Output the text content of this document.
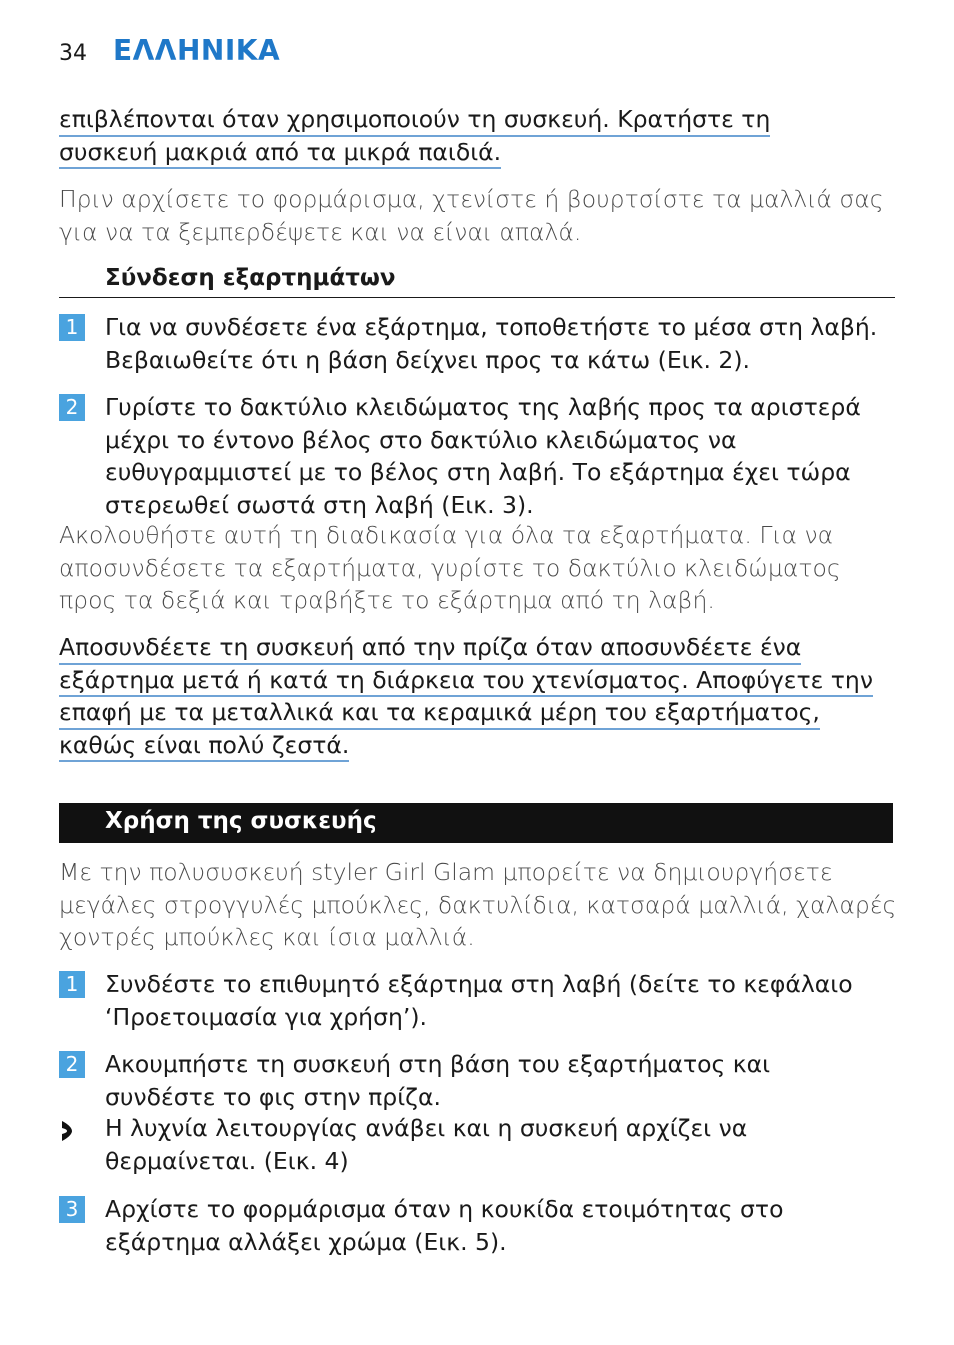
34 ΕΛΛΗΝΙΚΑ
επιβλέπονται όταν χρησιμοποιούν τη συσκευή. Κρατήστε τη
συσκευή μακριά από τα μικρά παιδιά.
Πριν αρχίσετε το φορμάρισμα, χτενίστε ή βουρτσίστε τα μαλλιά σας
για να τα ξεμπερδέψετε και να είναι απαλά.
Σύνδεση εξαρτημάτων
1 Για να συνδέσετε ένα εξάρτημα, τοποθετήστε το μέσα στη λαβή.
Βεβαιωθείτε ότι η βάση δείχνει προς τα κάτω (Εικ. 2).
2 Γυρίστε το δακτύλιο κλειδώματος της λαβής προς τα αριστερά
μέχρι το έντονο βέλος στο δακτύλιο κλειδώματος να
ευθυγραμμιστεί με το βέλος στη λαβή. Το εξάρτημα έχει τώρα
στερεωθεί σωστά στη λαβή (Εικ. 3).
Ακολουθήστε αυτή τη διαδικασία για όλα τα εξαρτήματα. Για να
αποσυνδέσετε τα εξαρτήματα, γυρίστε το δακτύλιο κλειδώματος
προς τα δεξιά και τραβήξτε το εξάρτημα από τη λαβή.
Αποσυνδέετε τη συσκευή από την πρίζα όταν αποσυνδέετε ένα
εξάρτημα μετά ή κατά τη διάρκεια του χτενίσματος. Αποφύγετε την
επαφή με τα μεταλλικά και τα κεραμικά μέρη του εξαρτήματος,
καθώς είναι πολύ ζεστά.
Χρήση της συσκευής
Με την πολυσυσκευή styler Girl Glam μπορείτε να δημιουργήσετε
μεγάλες στρογγυλές μπούκλες, δακτυλίδια, κατσαρά μαλλιά, χαλαρές
χοντρές μπούκλες και ίσια μαλλιά.
1 Συνδέστε το επιθυμητό εξάρτημα στη λαβή (δείτε το κεφάλαιο
‘Προετοιμασία για χρήση’).
2 Ακουμπήστε τη συσκευή στη βάση του εξαρτήματος και
συνδέστε το φις στην πρίζα.
Η λυχνία λειτουργίας ανάβει και η συσκευή αρχίζει να
θερμαίνεται. (Εικ. 4)
3 Αρχίστε το φορμάρισμα όταν η κουκίδα ετοιμότητας στο
εξάρτημα αλλάξει χρώμα (Εικ. 5).
